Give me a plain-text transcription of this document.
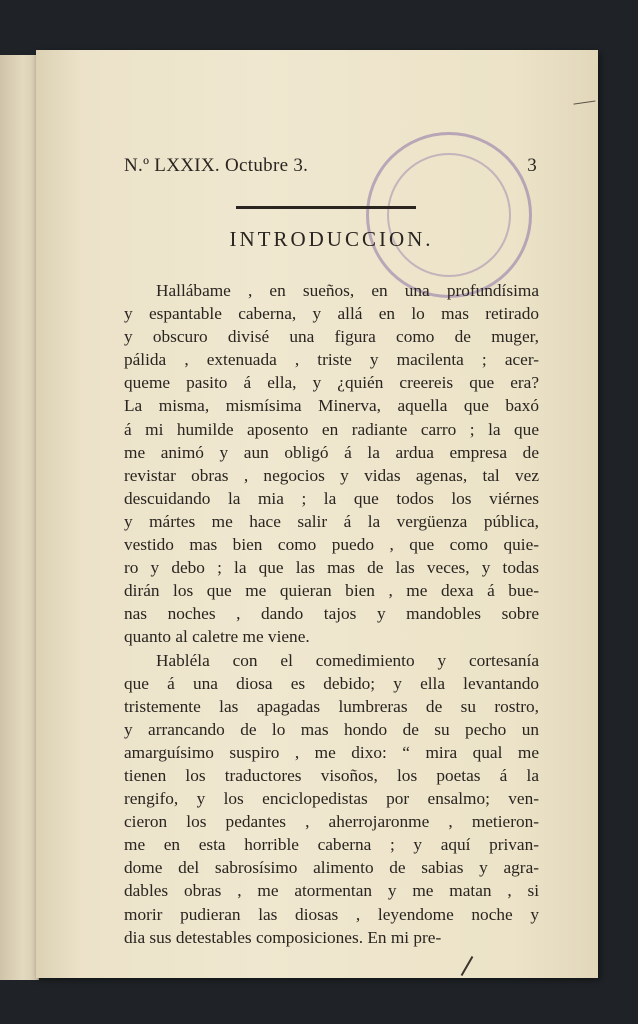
N.º LXXIX. Octubre 3.	3
INTRODUCCION.
Hallábame , en sueños, en una profundísima
y espantable caberna, y allá en lo mas retirado
y obscuro divisé una figura como de muger,
pálida , extenuada , triste y macilenta ; acer-
queme pasito á ella, y ¿quién creereis que era?
La misma, mismísima Minerva, aquella que baxó
á mi humilde aposento en radiante carro ; la que
me animó y aun obligó á la ardua empresa de
revistar obras , negocios y vidas agenas, tal vez
descuidando la mia ; la que todos los viérnes
y mártes me hace salir á la vergüenza pública,
vestido mas bien como puedo , que como quie-
ro y debo ; la que las mas de las veces, y todas
dirán los que me quieran bien , me dexa á bue-
nas noches , dando tajos y mandobles sobre
quanto al caletre me viene.
Habléla con el comedimiento y cortesanía
que á una diosa es debido; y ella levantando
tristemente las apagadas lumbreras de su rostro,
y arrancando de lo mas hondo de su pecho un
amarguísimo suspiro , me dixo: “ mira qual me
tienen los traductores visoños, los poetas á la
rengifo, y los enciclopedistas por ensalmo; ven-
cieron los pedantes , aherrojaronme , metieron-
me en esta horrible caberna ; y aquí privan-
dome del sabrosísimo alimento de sabias y agra-
dables obras , me atormentan y me matan , si
morir pudieran las diosas , leyendome noche y
dia sus detestables composiciones. En mi pre-
